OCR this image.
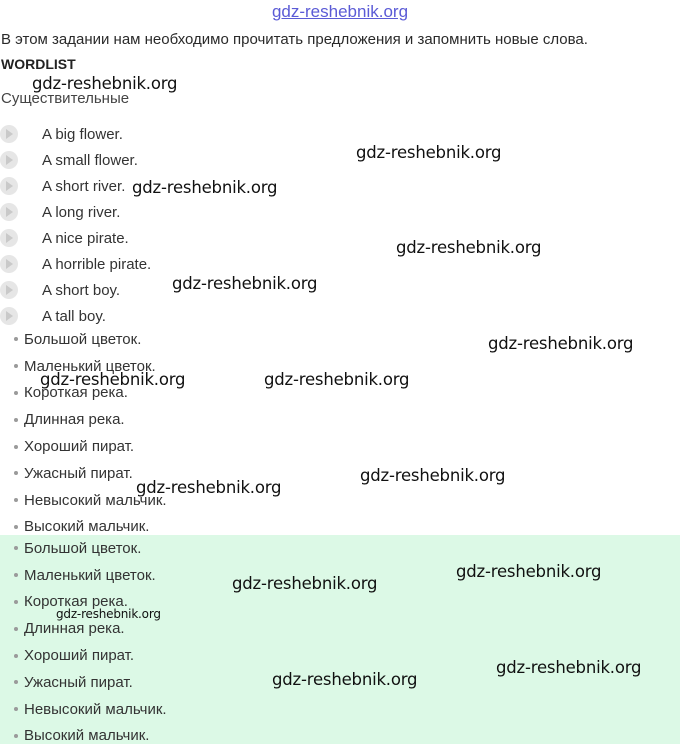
gdz-reshebnik.org
В этом задании нам необходимо прочитать предложения и запомнить новые слова.
WORDLIST
Существительные
A big flower.
A small flower.
A short river.
A long river.
A nice pirate.
A horrible pirate.
A short boy.
A tall boy.
Большой цветок.
Маленький цветок.
Короткая река.
Длинная река.
Хороший пират.
Ужасный пират.
Невысокий мальчик.
Высокий мальчик.
Большой цветок.
Маленький цветок.
Короткая река.
Длинная река.
Хороший пират.
Ужасный пират.
Невысокий мальчик.
Высокий мальчик.
gdz-reshebnik.org
gdz-reshebnik.org
gdz-reshebnik.org
gdz-reshebnik.org
gdz-reshebnik.org
gdz-reshebnik.org
gdz-reshebnik.org	gdz-reshebnik.org
gdz-reshebnik.org
gdz-reshebnik.org
gdz-reshebnik.org
gdz-reshebnik.org
gdz-reshebnik.org
gdz-reshebnik.org
gdz-reshebnik.org
